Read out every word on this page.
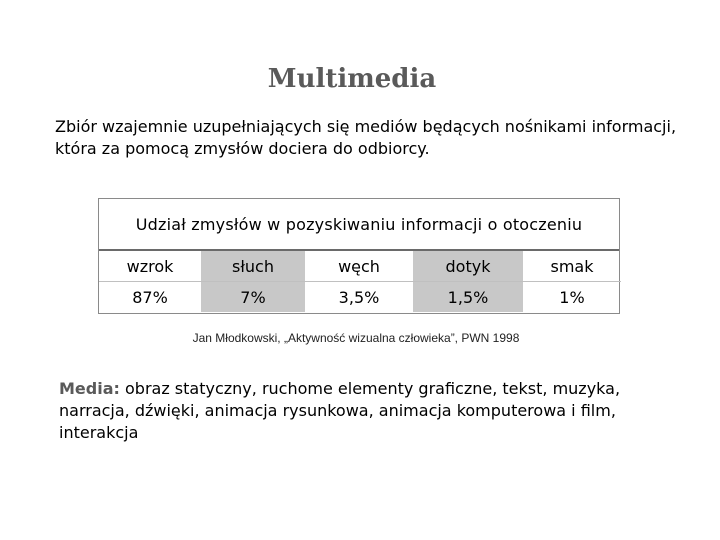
Multimedia
Zbiór wzajemnie uzupełniających się mediów będących nośnikami informacji, która za pomocą zmysłów dociera do odbiorcy.
Udział zmysłów w pozyskiwaniu informacji o otoczeniu
wzrok	słuch	węch	dotyk	smak
87%	7%	3,5%	1,5%	1%
Jan Młodkowski, „Aktywność wizualna człowieka”, PWN 1998
Media: obraz statyczny, ruchome elementy graficzne, tekst, muzyka, narracja, dźwięki, animacja rysunkowa, animacja komputerowa i film, interakcja
